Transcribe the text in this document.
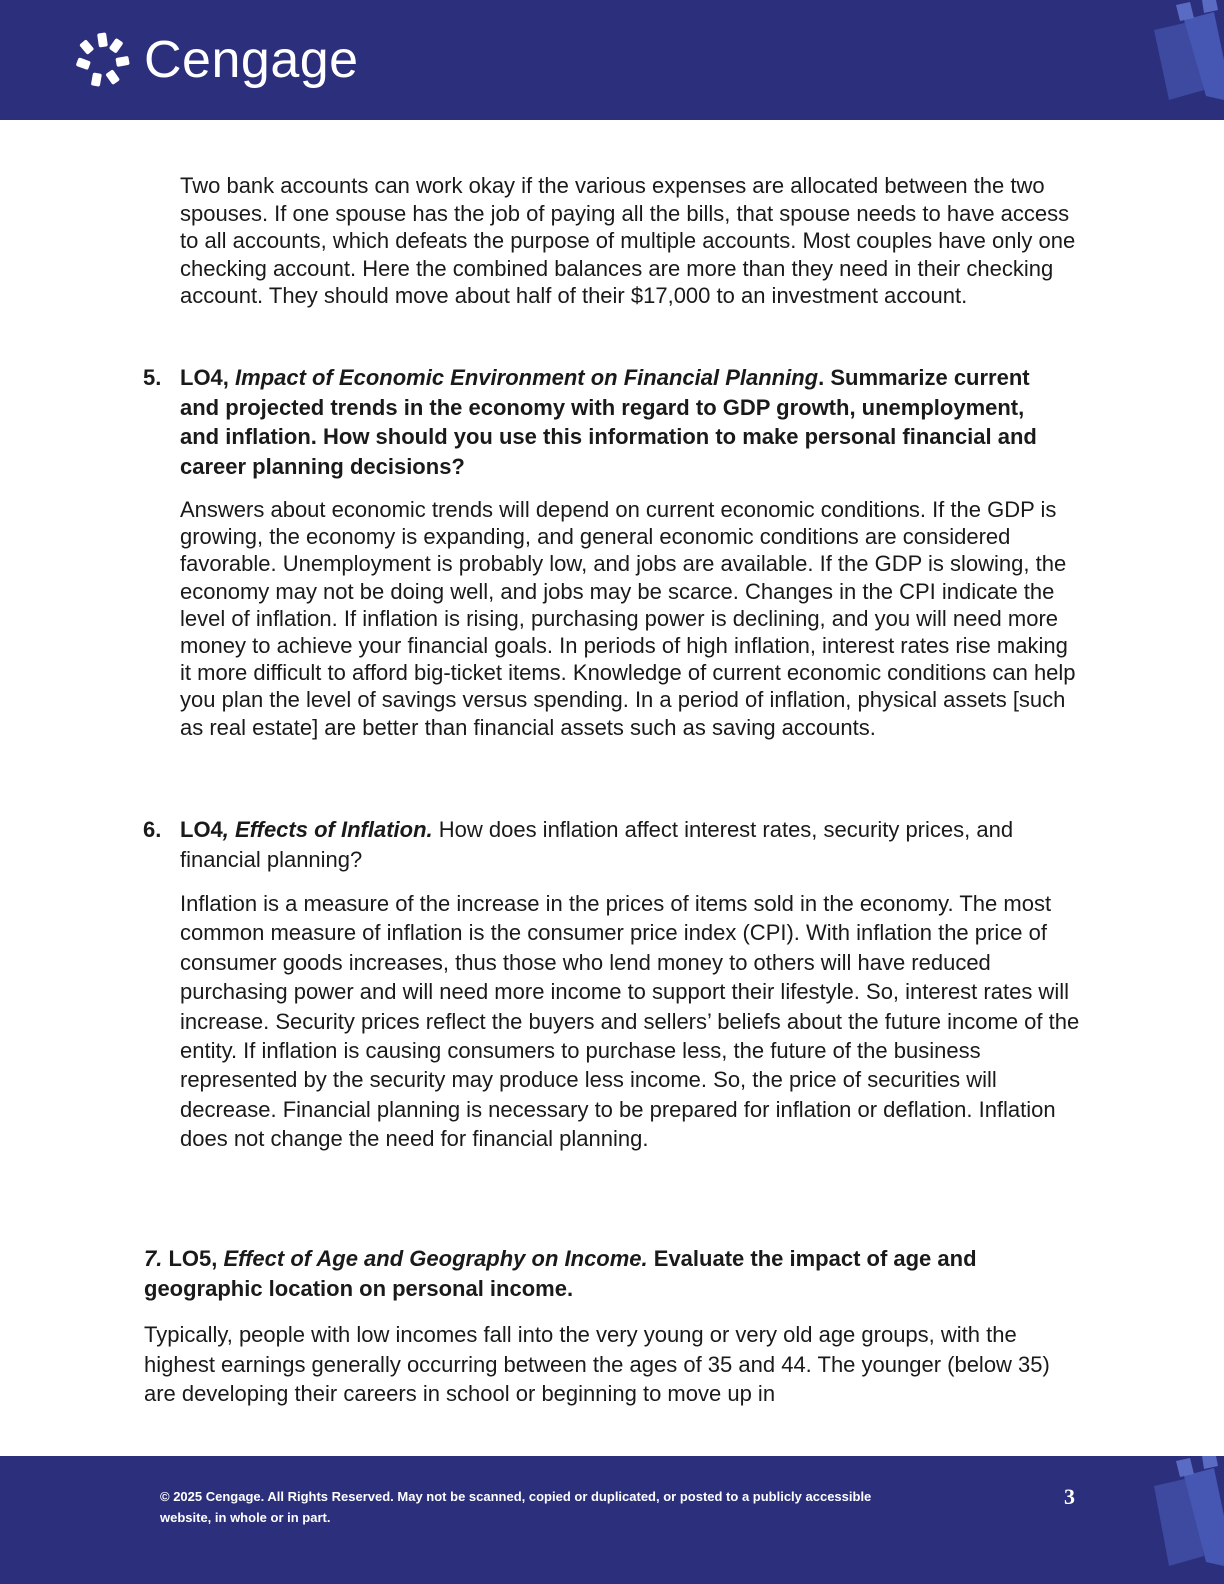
Cengage
Two bank accounts can work okay if the various expenses are allocated between the two spouses. If one spouse has the job of paying all the bills, that spouse needs to have access to all accounts, which defeats the purpose of multiple accounts. Most couples have only one checking account. Here the combined balances are more than they need in their checking account. They should move about half of their $17,000 to an investment account.
5. LO4, Impact of Economic Environment on Financial Planning. Summarize current and projected trends in the economy with regard to GDP growth, unemployment, and inflation. How should you use this information to make personal financial and career planning decisions?
Answers about economic trends will depend on current economic conditions. If the GDP is growing, the economy is expanding, and general economic conditions are considered favorable. Unemployment is probably low, and jobs are available. If the GDP is slowing, the economy may not be doing well, and jobs may be scarce. Changes in the CPI indicate the level of inflation. If inflation is rising, purchasing power is declining, and you will need more money to achieve your financial goals. In periods of high inflation, interest rates rise making it more difficult to afford big-ticket items. Knowledge of current economic conditions can help you plan the level of savings versus spending. In a period of inflation, physical assets [such as real estate] are better than financial assets such as saving accounts.
6. LO4, Effects of Inflation. How does inflation affect interest rates, security prices, and financial planning?
Inflation is a measure of the increase in the prices of items sold in the economy. The most common measure of inflation is the consumer price index (CPI). With inflation the price of consumer goods increases, thus those who lend money to others will have reduced purchasing power and will need more income to support their lifestyle. So, interest rates will increase. Security prices reflect the buyers and sellers’ beliefs about the future income of the entity. If inflation is causing consumers to purchase less, the future of the business represented by the security may produce less income. So, the price of securities will decrease. Financial planning is necessary to be prepared for inflation or deflation. Inflation does not change the need for financial planning.
7. LO5, Effect of Age and Geography on Income. Evaluate the impact of age and geographic location on personal income.
Typically, people with low incomes fall into the very young or very old age groups, with the highest earnings generally occurring between the ages of 35 and 44. The younger (below 35) are developing their careers in school or beginning to move up in
© 2025 Cengage. All Rights Reserved. May not be scanned, copied or duplicated, or posted to a publicly accessible website, in whole or in part.
3
